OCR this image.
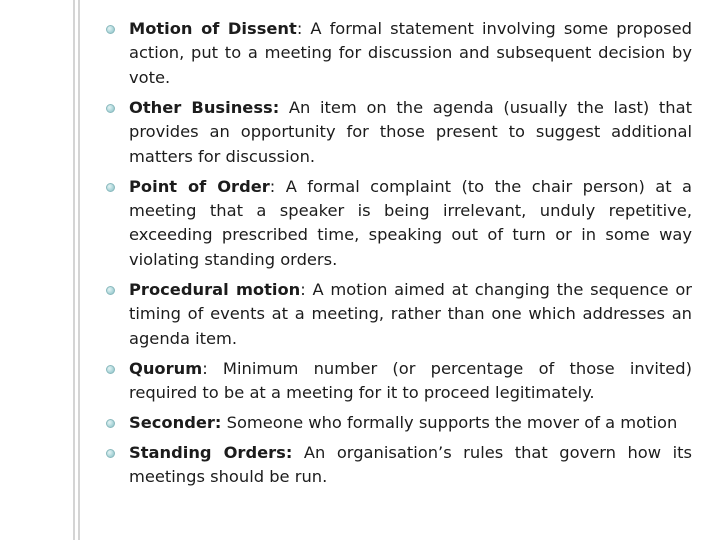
Motion of Dissent: A formal statement involving some proposed action, put to a meeting for discussion and subsequent decision by vote.
Other Business: An item on the agenda (usually the last) that provides an opportunity for those present to suggest additional matters for discussion.
Point of Order: A formal complaint (to the chair person) at a meeting that a speaker is being irrelevant, unduly repetitive, exceeding prescribed time, speaking out of turn or in some way violating standing orders.
Procedural motion: A motion aimed at changing the sequence or timing of events at a meeting, rather than one which addresses an agenda item.
Quorum: Minimum number (or percentage of those invited) required to be at a meeting for it to proceed legitimately.
Seconder: Someone who formally supports the mover of a motion
Standing Orders: An organisation’s rules that govern how its meetings should be run.
